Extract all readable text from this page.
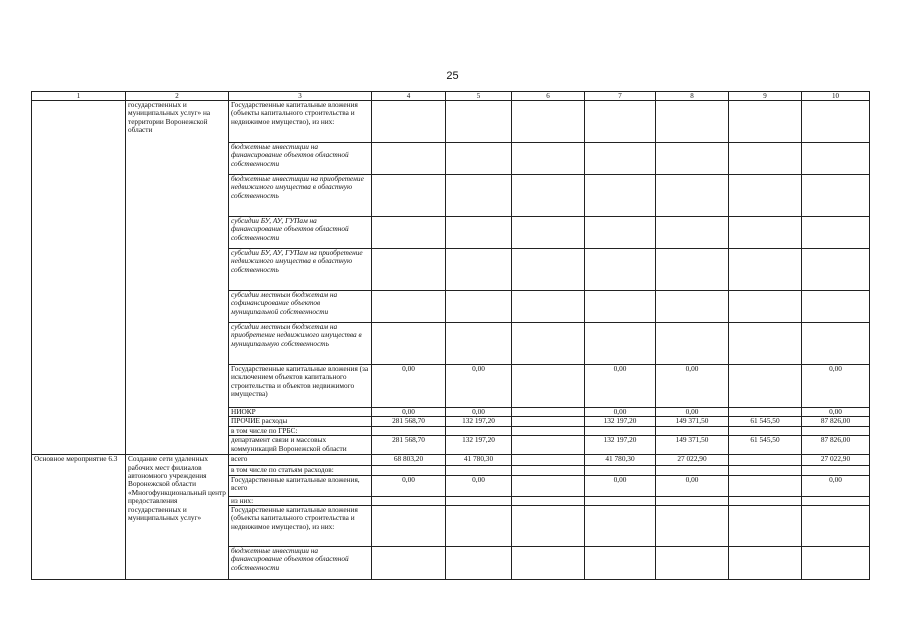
25
1	2	3	4	5	6	7	8	9	10
	государственных и муниципальных услуг» на территории Воронежской области	Государственные капитальные вложения (объекты капитального строительства и недвижимое имущество), из них:							
		бюджетные инвестиции на финансирование объектов областной собственности							
		бюджетные инвестиции на приобретение недвижимого имущества в областную собственность							
		субсидии БУ, АУ, ГУПам на финансирование объектов областной собственности							
		субсидии БУ, АУ, ГУПам на приобретение недвижимого имущества в областную собственность							
		субсидии местным бюджетам на софинансирование объектов муниципальной собственности							
		субсидии местным бюджетам на приобретение недвижимого имущества в муниципальную собственность							
		Государственные капитальные вложения (за исключением объектов капитального строительства и объектов недвижимого имущества)	0,00	0,00		0,00	0,00		0,00
		НИОКР	0,00	0,00		0,00	0,00		0,00
		ПРОЧИЕ расходы	281 568,70	132 197,20		132 197,20	149 371,50	61 545,50	87 826,00
		в том числе по ГРБС:							
		департамент связи и массовых коммуникаций Воронежской области	281 568,70	132 197,20		132 197,20	149 371,50	61 545,50	87 826,00
Основное мероприятие 6.3	Создание сети удаленных рабочих мест филиалов автономного учреждения Воронежской области «Многофункциональный центр предоставления государственных и муниципальных услуг»	всего	68 803,20	41 780,30		41 780,30	27 022,90		27 022,90
		в том числе по статьям расходов:							
		Государственные капитальные вложения, всего	0,00	0,00		0,00	0,00		0,00
		из них:							
		Государственные капитальные вложения (объекты капитального строительства и недвижимое имущество), из них:							
		бюджетные инвестиции на финансирование объектов областной собственности							
